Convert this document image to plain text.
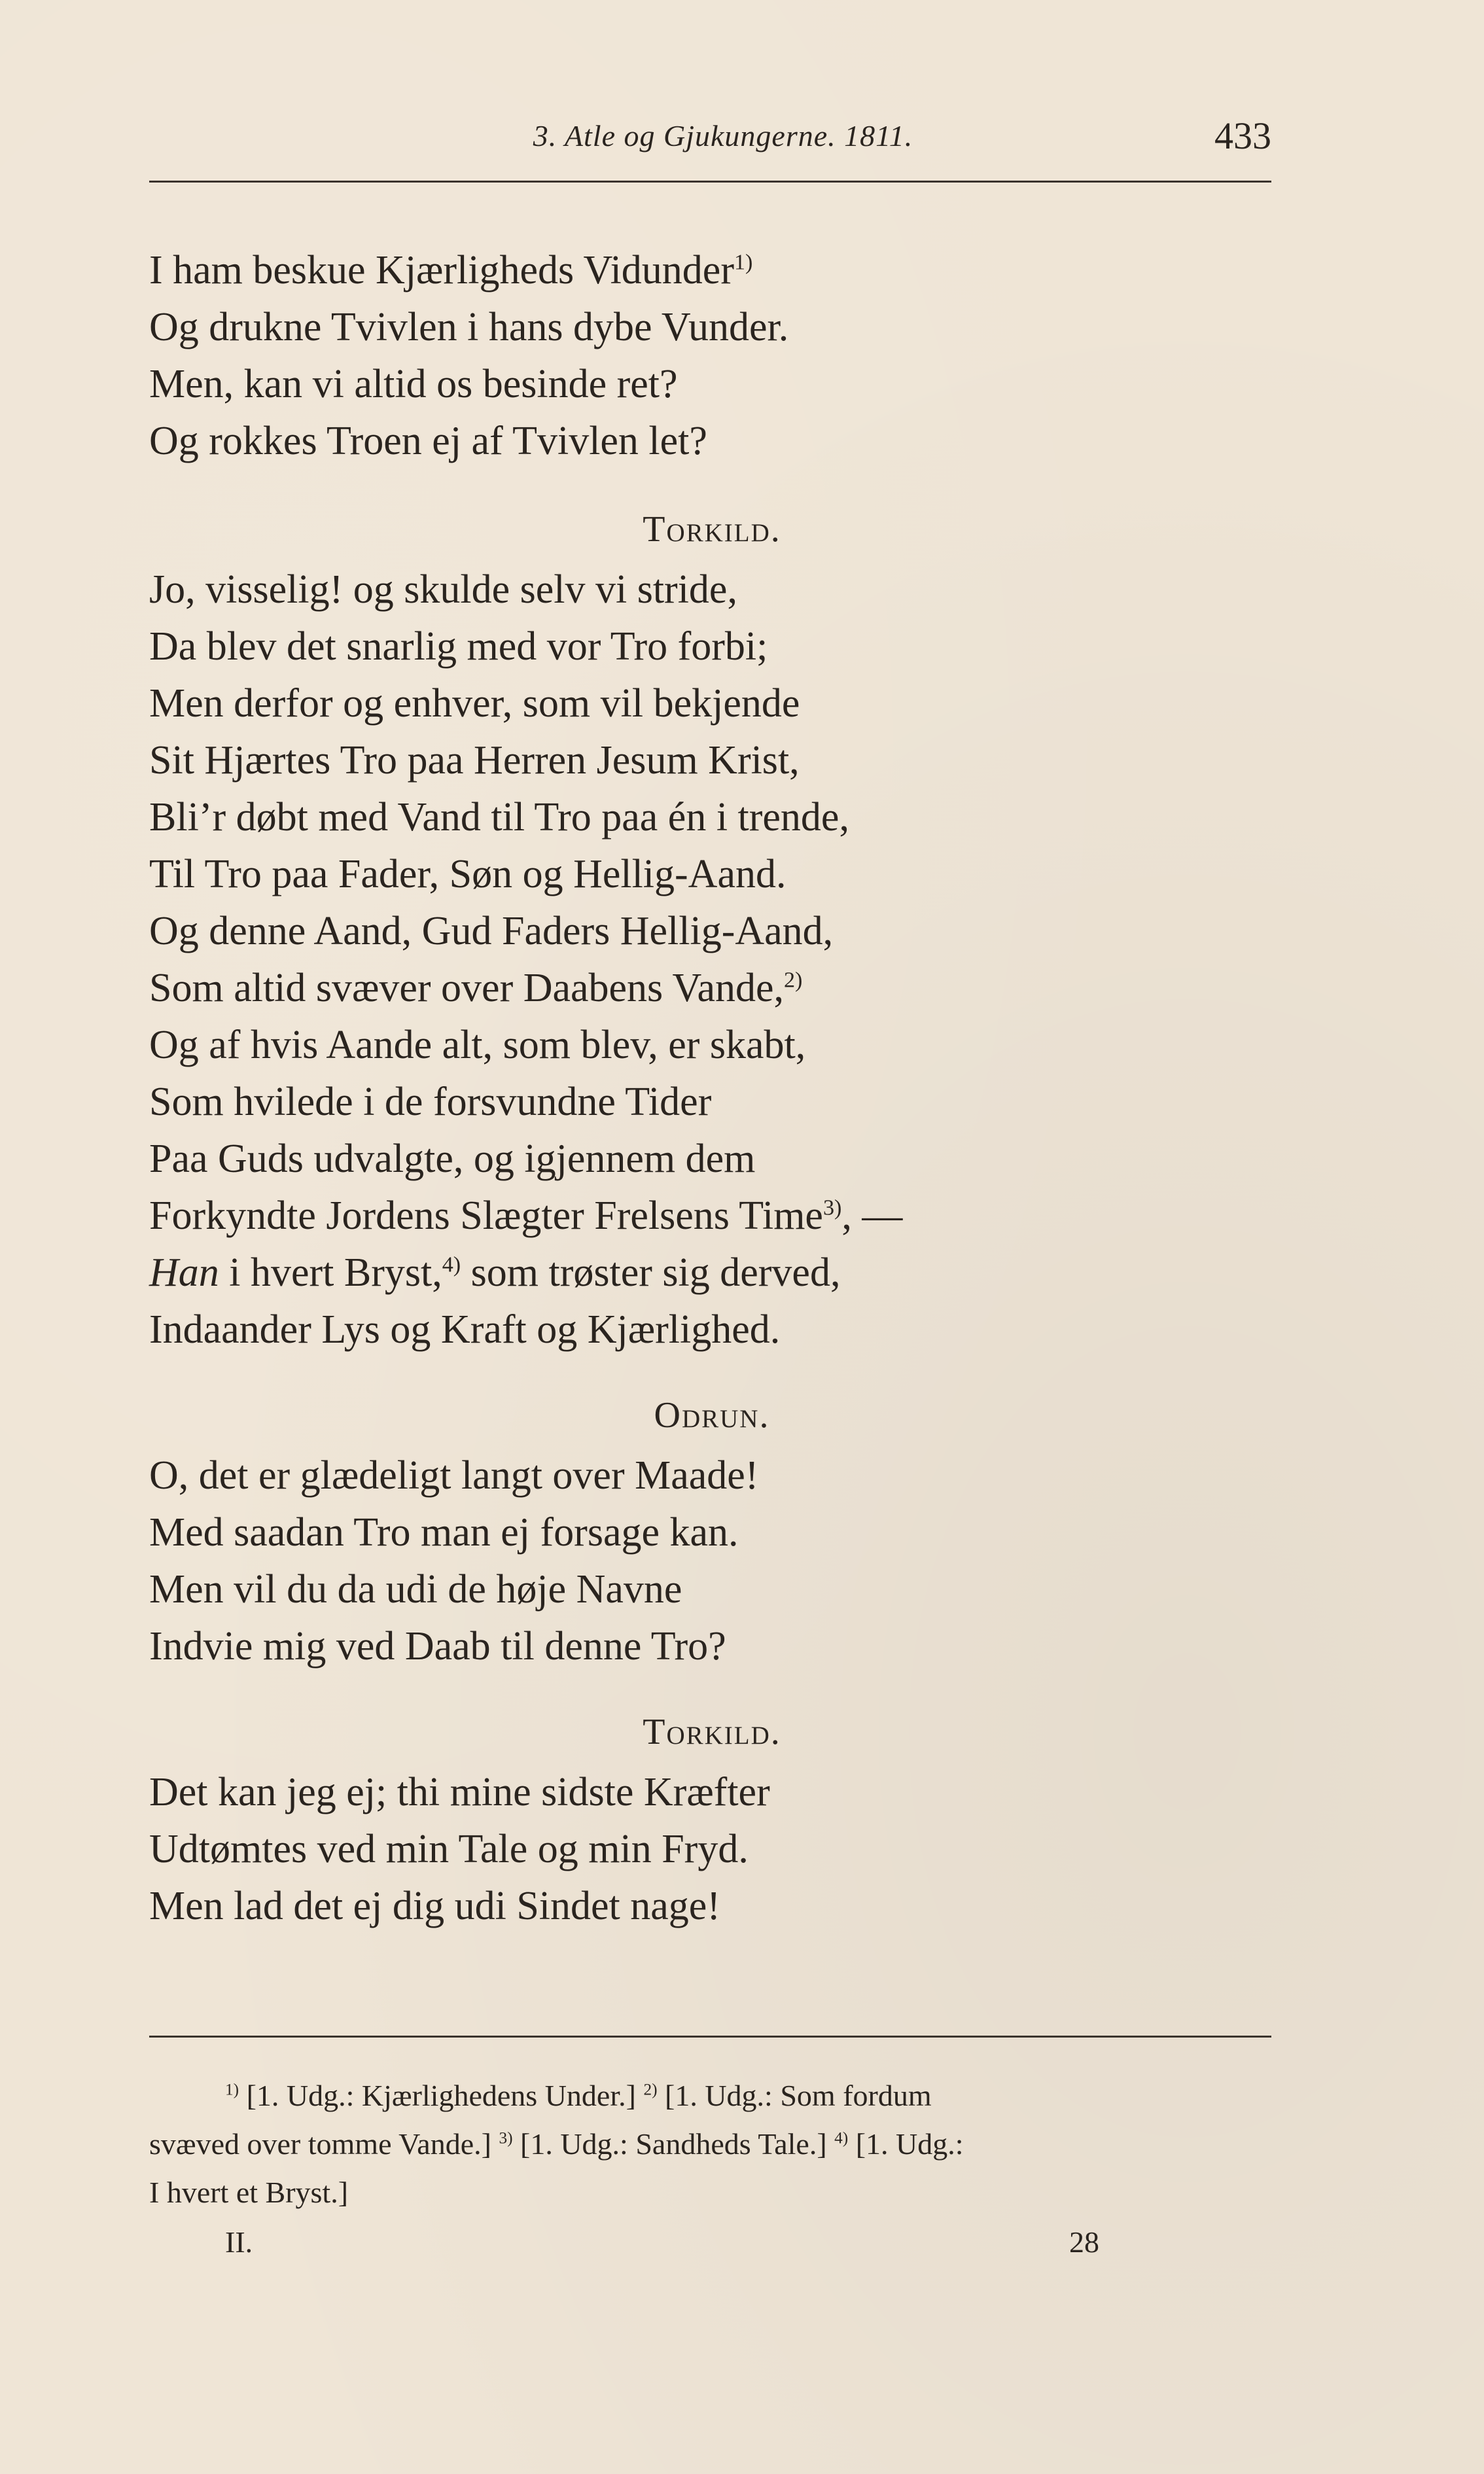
3. Atle og Gjukungerne. 1811.	433
I ham beskue Kjærligheds Vidunder$^{1)}$
Og drukne Tvivlen i hans dybe Vunder.
Men, kan vi altid os besinde ret?
Og rokkes Troen ej af Tvivlen let?
Torkild.
Jo, visselig! og skulde selv vi stride,
Da blev det snarlig med vor Tro forbi;
Men derfor og enhver, som vil bekjende
Sit Hjærtes Tro paa Herren Jesum Krist,
Bli’r døbt med Vand til Tro paa én i trende,
Til Tro paa Fader, Søn og Hellig-Aand.
Og denne Aand, Gud Faders Hellig-Aand,
Som altid svæver over Daabens Vande,$^{2)}$
Og af hvis Aande alt, som blev, er skabt,
Som hvilede i de forsvundne Tider
Paa Guds udvalgte, og igjennem dem
Forkyndte Jordens Slægter Frelsens Time$^{3)}$, —
Han i hvert Bryst,$^{4)}$ som trøster sig derved,
Indaander Lys og Kraft og Kjærlighed.
Odrun.
O, det er glædeligt langt over Maade!
Med saadan Tro man ej forsage kan.
Men vil du da udi de høje Navne
Indvie mig ved Daab til denne Tro?
Torkild.
Det kan jeg ej; thi mine sidste Kræfter
Udtømtes ved min Tale og min Fryd.
Men lad det ej dig udi Sindet nage!
$^{1)}$ [1. Udg.: Kjærlighedens Under.] $^{2)}$ [1. Udg.: Som fordum
svæved over tomme Vande.] $^{3)}$ [1. Udg.: Sandheds Tale.] $^{4)}$ [1. Udg.:
I hvert et Bryst.]
II.	28
